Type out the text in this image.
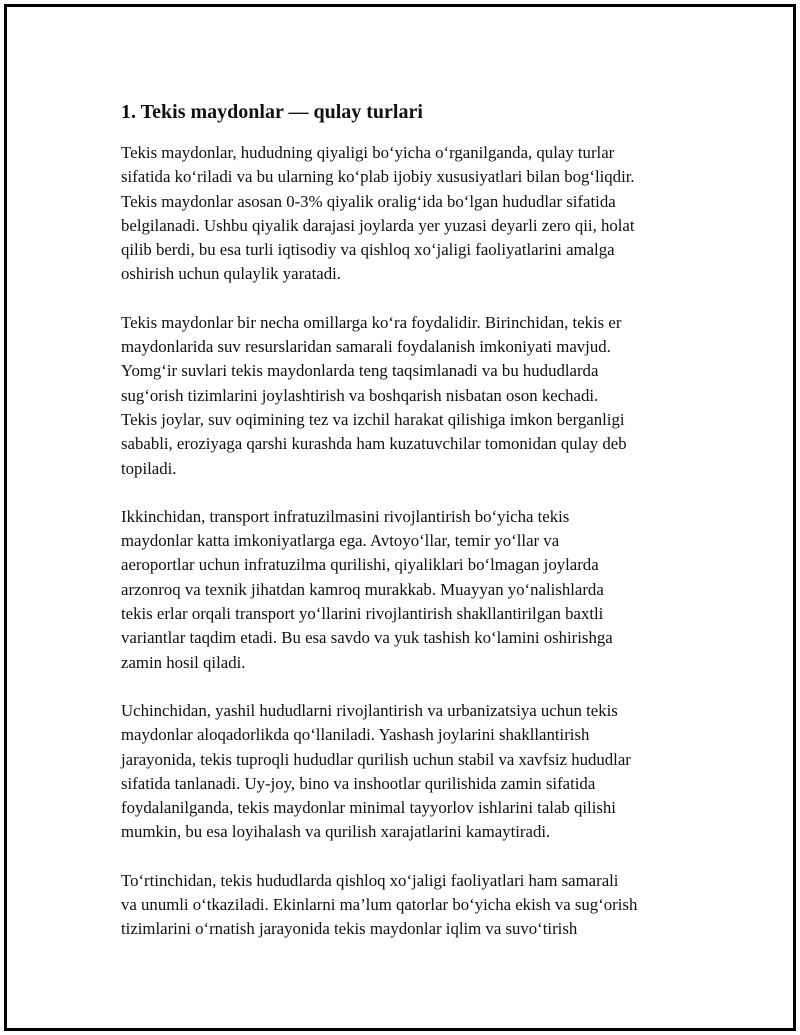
1. Tekis maydonlar — qulay turlari

Tekis maydonlar, hududning qiyaligi bo‘yicha o‘rganilganda, qulay turlar
sifatida ko‘riladi va bu ularning ko‘plab ijobiy xususiyatlari bilan bog‘liqdir.
Tekis maydonlar asosan 0-3% qiyalik oralig‘ida bo‘lgan hududlar sifatida
belgilanadi. Ushbu qiyalik darajasi joylarda yer yuzasi deyarli zero qii, holat
qilib berdi, bu esa turli iqtisodiy va qishloq xo‘jaligi faoliyatlarini amalga
oshirish uchun qulaylik yaratadi.

Tekis maydonlar bir necha omillarga ko‘ra foydalidir. Birinchidan, tekis er
maydonlarida suv resurslaridan samarali foydalanish imkoniyati mavjud.
Yomg‘ir suvlari tekis maydonlarda teng taqsimlanadi va bu hududlarda
sug‘orish tizimlarini joylashtirish va boshqarish nisbatan oson kechadi.
Tekis joylar, suv oqimining tez va izchil harakat qilishiga imkon berganligi
sababli, eroziyaga qarshi kurashda ham kuzatuvchilar tomonidan qulay deb
topiladi.

Ikkinchidan, transport infratuzilmasini rivojlantirish bo‘yicha tekis
maydonlar katta imkoniyatlarga ega. Avtoyo‘llar, temir yo‘llar va
aeroportlar uchun infratuzilma qurilishi, qiyaliklari bo‘lmagan joylarda
arzonroq va texnik jihatdan kamroq murakkab. Muayyan yo‘nalishlarda
tekis erlar orqali transport yo‘llarini rivojlantirish shakllantirilgan baxtli
variantlar taqdim etadi. Bu esa savdo va yuk tashish ko‘lamini oshirishga
zamin hosil qiladi.

Uchinchidan, yashil hududlarni rivojlantirish va urbanizatsiya uchun tekis
maydonlar aloqadorlikda qo‘llaniladi. Yashash joylarini shakllantirish
jarayonida, tekis tuproqli hududlar qurilish uchun stabil va xavfsiz hududlar
sifatida tanlanadi. Uy-joy, bino va inshootlar qurilishida zamin sifatida
foydalanilganda, tekis maydonlar minimal tayyorlov ishlarini talab qilishi
mumkin, bu esa loyihalash va qurilish xarajatlarini kamaytiradi.

To‘rtinchidan, tekis hududlarda qishloq xo‘jaligi faoliyatlari ham samarali
va unumli o‘tkaziladi. Ekinlarni ma’lum qatorlar bo‘yicha ekish va sug‘orish
tizimlarini o‘rnatish jarayonida tekis maydonlar iqlim va suvo‘tirish
